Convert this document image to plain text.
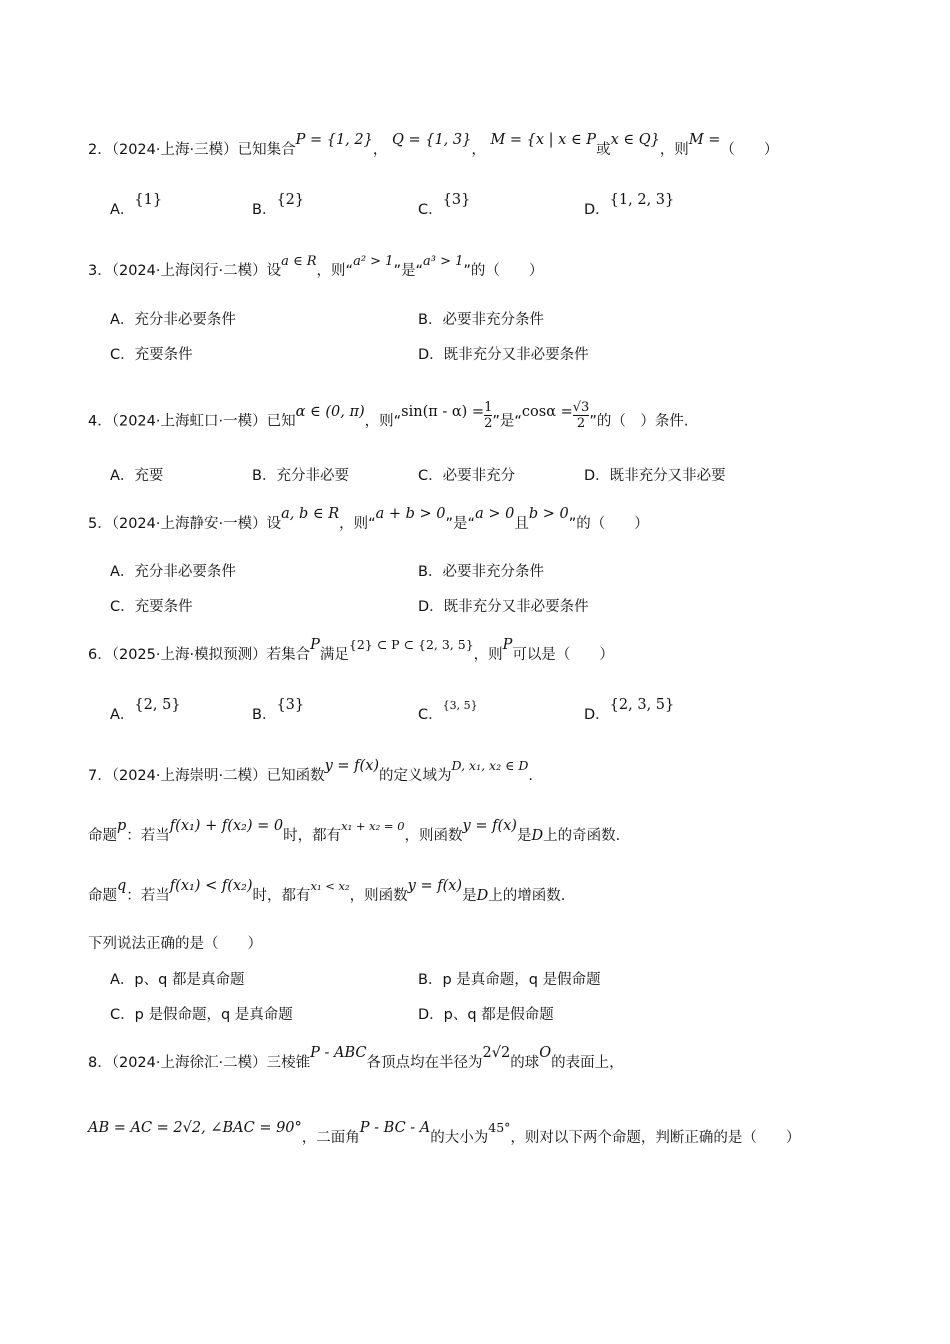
2．（2024·上海·三模）已知集合P = {1, 2}， Q = {1, 3}， M = {x | x ∈ P或x ∈ Q}，则M =（　　）
A．{1}
B．{2}
C．{3}
D．{1, 2, 3}
3．（2024·上海闵行·二模）设a ∈ R，则“a² > 1”是“a³ > 1”的（　　）
A．充分非必要条件	B．必要非充分条件
C．充要条件	D．既非充分又非必要条件
4．（2024·上海虹口·一模）已知α ∈ (0, π)，则“$\sin(\pi - \alpha) = \frac{1}{2}$ ”是“$\cos\alpha = \frac{√3}{2}$ ”的（　）条件.
A．充要	B．充分非必要	C．必要非充分	D．既非充分又非必要
5．（2024·上海静安·一模）设a, b ∈ R，则“a + b > 0”是“a > 0且b > 0”的（　　）
A．充分非必要条件	B．必要非充分条件
C．充要条件	D．既非充分又非必要条件
6．（2025·上海·模拟预测）若集合P满足{2} ⊂ P ⊂ {2, 3, 5}，则P可以是（　　）
A．{2, 5}
B．{3}
C．$^{\{3, 5\}}$
D．{2, 3, 5}
7．（2024·上海崇明·二模）已知函数y = f(x)的定义域为D, x₁, x₂ ∈ D.
命题p：若当f(x₁) + f(x₂) = 0时，都有$^{x_1 + x_2 = 0}$，则函数y = f(x)是D上的奇函数.
命题q：若当f(x₁) < f(x₂)时，都有$^{x_1 < x_2}$，则函数y = f(x)是D上的增函数.
下列说法正确的是（　　）
A．p、q 都是真命题	B．p 是真命题，q 是假命题
C．p 是假命题，q 是真命题	D．p、q 都是假命题
8．（2024·上海徐汇·二模）三棱锥P - ABC各顶点均在半径为2√2的球O的表面上，
AB = AC = 2√2, ∠BAC = 90°，二面角P - BC - A的大小为45°，则对以下两个命题，判断正确的是（　　）
